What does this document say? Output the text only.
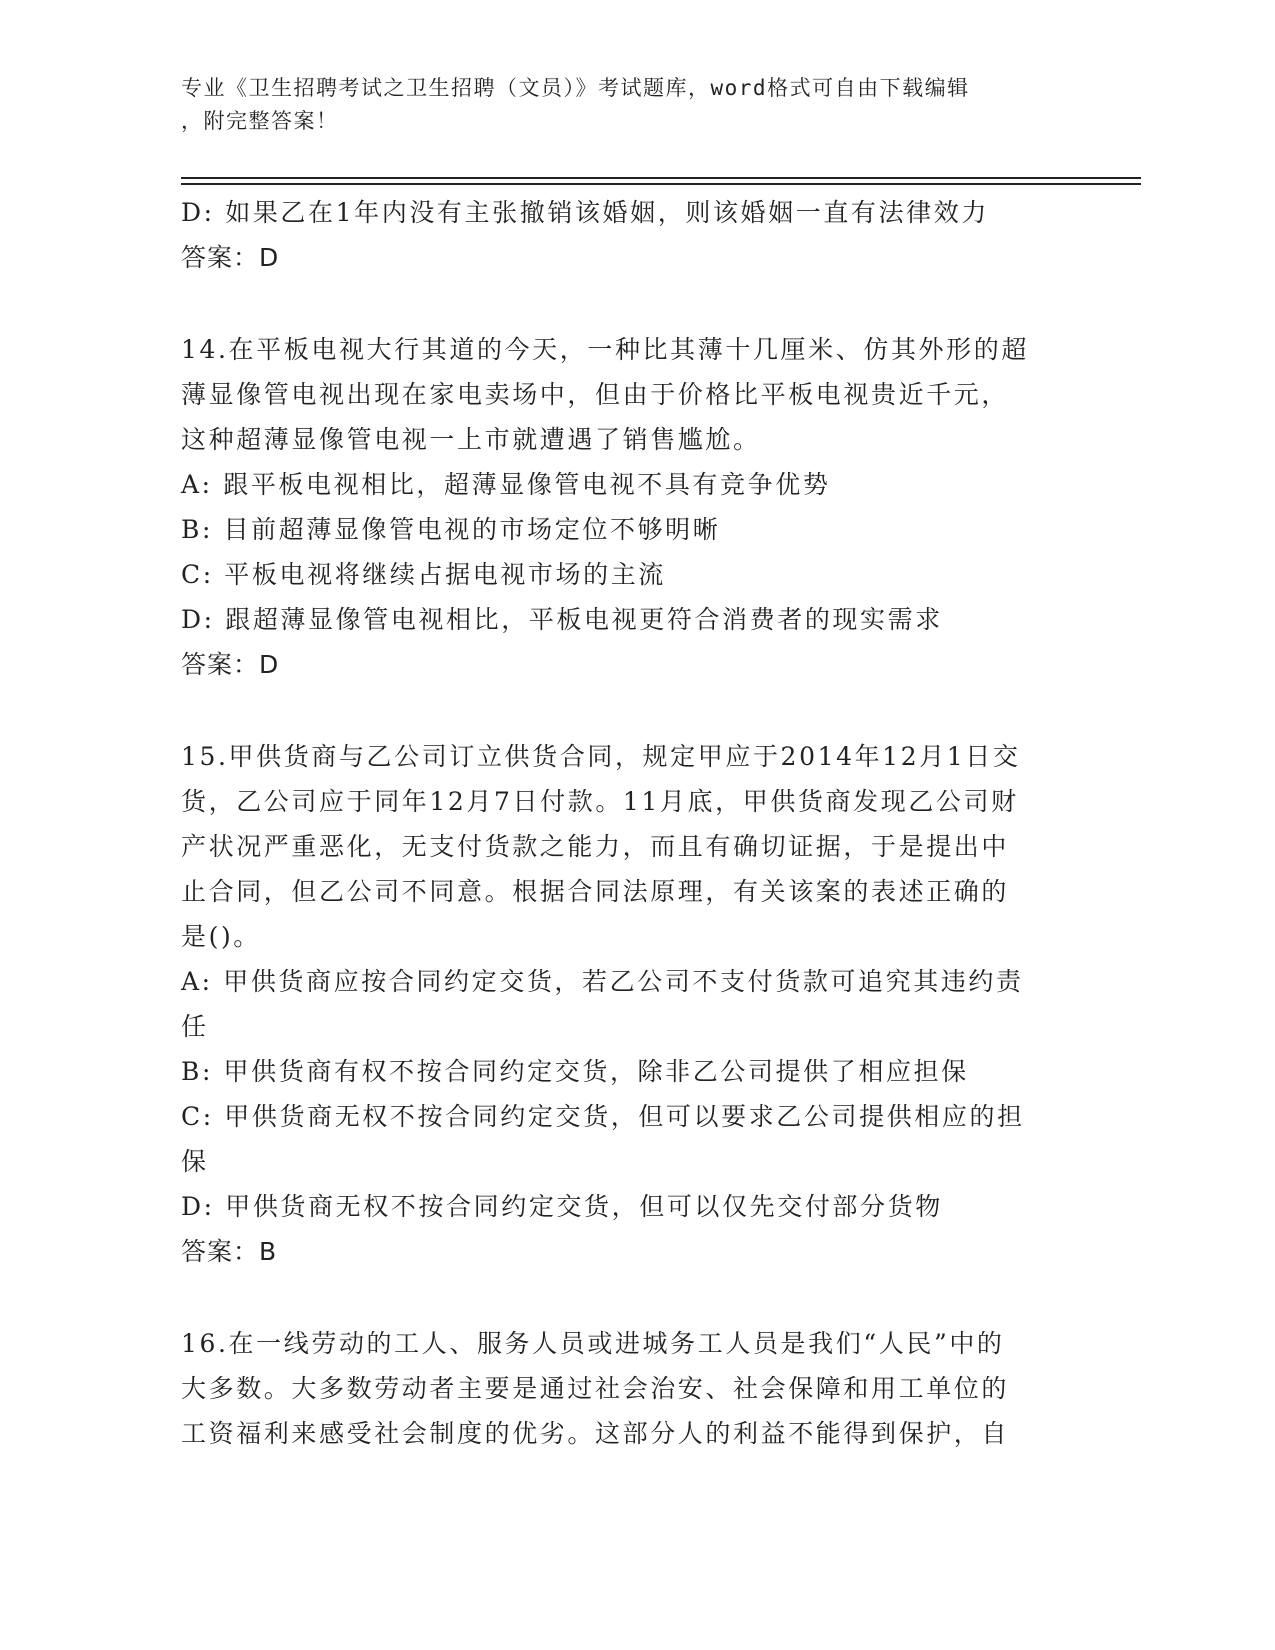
专业《卫生招聘考试之卫生招聘（文员）》考试题库，word格式可自由下载编辑
，附完整答案！

D: 如果乙在1年内没有主张撤销该婚姻，则该婚姻一直有法律效力

答案：D

14.在平板电视大行其道的今天，一种比其薄十几厘米、仿其外形的超

薄显像管电视出现在家电卖场中，但由于价格比平板电视贵近千元，

这种超薄显像管电视一上市就遭遇了销售尴尬。

A: 跟平板电视相比，超薄显像管电视不具有竞争优势

B: 目前超薄显像管电视的市场定位不够明晰

C: 平板电视将继续占据电视市场的主流

D: 跟超薄显像管电视相比，平板电视更符合消费者的现实需求

答案：D

15.甲供货商与乙公司订立供货合同，规定甲应于2014年12月1日交

货，乙公司应于同年12月7日付款。11月底，甲供货商发现乙公司财

产状况严重恶化，无支付货款之能力，而且有确切证据，于是提出中

止合同，但乙公司不同意。根据合同法原理，有关该案的表述正确的

是()。

A: 甲供货商应按合同约定交货，若乙公司不支付货款可追究其违约责

任

B: 甲供货商有权不按合同约定交货，除非乙公司提供了相应担保

C: 甲供货商无权不按合同约定交货，但可以要求乙公司提供相应的担

保

D: 甲供货商无权不按合同约定交货，但可以仅先交付部分货物

答案：B

16.在一线劳动的工人、服务人员或进城务工人员是我们“人民”中的

大多数。大多数劳动者主要是通过社会治安、社会保障和用工单位的

工资福利来感受社会制度的优劣。这部分人的利益不能得到保护，自
